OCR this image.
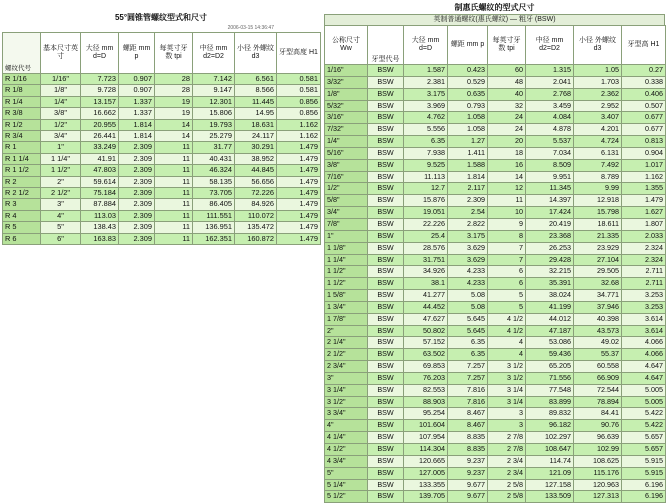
55°圆锥管螺纹型式和尺寸
2006-03-15 14:36:47
螺纹代号	基本尺寸英寸	大径 mm d=D	螺距 mm p	每英寸牙数 tpi	中径 mm d2=D2	小径 外螺纹 d3	牙型高度 H1
R 1/16	1/16"	7.723	0.907	28	7.142	6.561	0.581
R 1/8	1/8"	9.728	0.907	28	9.147	8.566	0.581
R 1/4	1/4"	13.157	1.337	19	12.301	11.445	0.856
R 3/8	3/8"	16.662	1.337	19	15.806	14.95	0.856
R 1/2	1/2"	20.955	1.814	14	19.793	18.631	1.162
R 3/4	3/4"	26.441	1.814	14	25.279	24.117	1.162
R 1	1"	33.249	2.309	11	31.77	30.291	1.479
R 1 1/4	1 1/4"	41.91	2.309	11	40.431	38.952	1.479
R 1 1/2	1 1/2"	47.803	2.309	11	46.324	44.845	1.479
R 2	2"	59.614	2.309	11	58.135	56.656	1.479
R 2 1/2	2 1/2"	75.184	2.309	11	73.705	72.226	1.479
R 3	3"	87.884	2.309	11	86.405	84.926	1.479
R 4	4"	113.03	2.309	11	111.551	110.072	1.479
R 5	5"	138.43	2.309	11	136.951	135.472	1.479
R 6	6"	163.83	2.309	11	162.351	160.872	1.479
制惠氏螺纹的型式尺寸
英制普通螺纹(惠氏螺纹) — 粗牙 (BSW)
公称尺寸 Ww	牙型代号	大径 mm d=D	螺距 mm p	每英寸牙数 tpi	中径 mm d2=D2	小径 外螺纹 d3	牙型高 H1
1/16"	BSW	1.587	0.423	60	1.315	1.05	0.27
3/32"	BSW	2.381	0.529	48	2.041	1.703	0.338
1/8"	BSW	3.175	0.635	40	2.768	2.362	0.406
5/32"	BSW	3.969	0.793	32	3.459	2.952	0.507
3/16"	BSW	4.762	1.058	24	4.084	3.407	0.677
7/32"	BSW	5.556	1.058	24	4.878	4.201	0.677
1/4"	BSW	6.35	1.27	20	5.537	4.724	0.813
5/16"	BSW	7.938	1.411	18	7.034	6.131	0.904
3/8"	BSW	9.525	1.588	16	8.509	7.492	1.017
7/16"	BSW	11.113	1.814	14	9.951	8.789	1.162
1/2"	BSW	12.7	2.117	12	11.345	9.99	1.355
5/8"	BSW	15.876	2.309	11	14.397	12.918	1.479
3/4"	BSW	19.051	2.54	10	17.424	15.798	1.627
7/8"	BSW	22.226	2.822	9	20.419	18.611	1.807
1"	BSW	25.4	3.175	8	23.368	21.335	2.033
1 1/8"	BSW	28.576	3.629	7	26.253	23.929	2.324
1 1/4"	BSW	31.751	3.629	7	29.428	27.104	2.324
1 1/2"	BSW	34.926	4.233	6	32.215	29.505	2.711
1 1/2"	BSW	38.1	4.233	6	35.391	32.68	2.711
1 5/8"	BSW	41.277	5.08	5	38.024	34.771	3.253
1 3/4"	BSW	44.452	5.08	5	41.199	37.946	3.253
1 7/8"	BSW	47.627	5.645	4 1/2	44.012	40.398	3.614
2"	BSW	50.802	5.645	4 1/2	47.187	43.573	3.614
2 1/4"	BSW	57.152	6.35	4	53.086	49.02	4.066
2 1/2"	BSW	63.502	6.35	4	59.436	55.37	4.066
2 3/4"	BSW	69.853	7.257	3 1/2	65.205	60.558	4.647
3"	BSW	76.203	7.257	3 1/2	71.556	66.909	4.647
3 1/4"	BSW	82.553	7.816	3 1/4	77.548	72.544	5.005
3 1/2"	BSW	88.903	7.816	3 1/4	83.899	78.894	5.005
3 3/4"	BSW	95.254	8.467	3	89.832	84.41	5.422
4"	BSW	101.604	8.467	3	96.182	90.76	5.422
4 1/4"	BSW	107.954	8.835	2 7/8	102.297	96.639	5.657
4 1/2"	BSW	114.304	8.835	2 7/8	108.647	102.99	5.657
4 3/4"	BSW	120.665	9.237	2 3/4	114.74	108.625	5.915
5"	BSW	127.005	9.237	2 3/4	121.09	115.176	5.915
5 1/4"	BSW	133.355	9.677	2 5/8	127.158	120.963	6.196
5 1/2"	BSW	139.705	9.677	2 5/8	133.509	127.313	6.196
